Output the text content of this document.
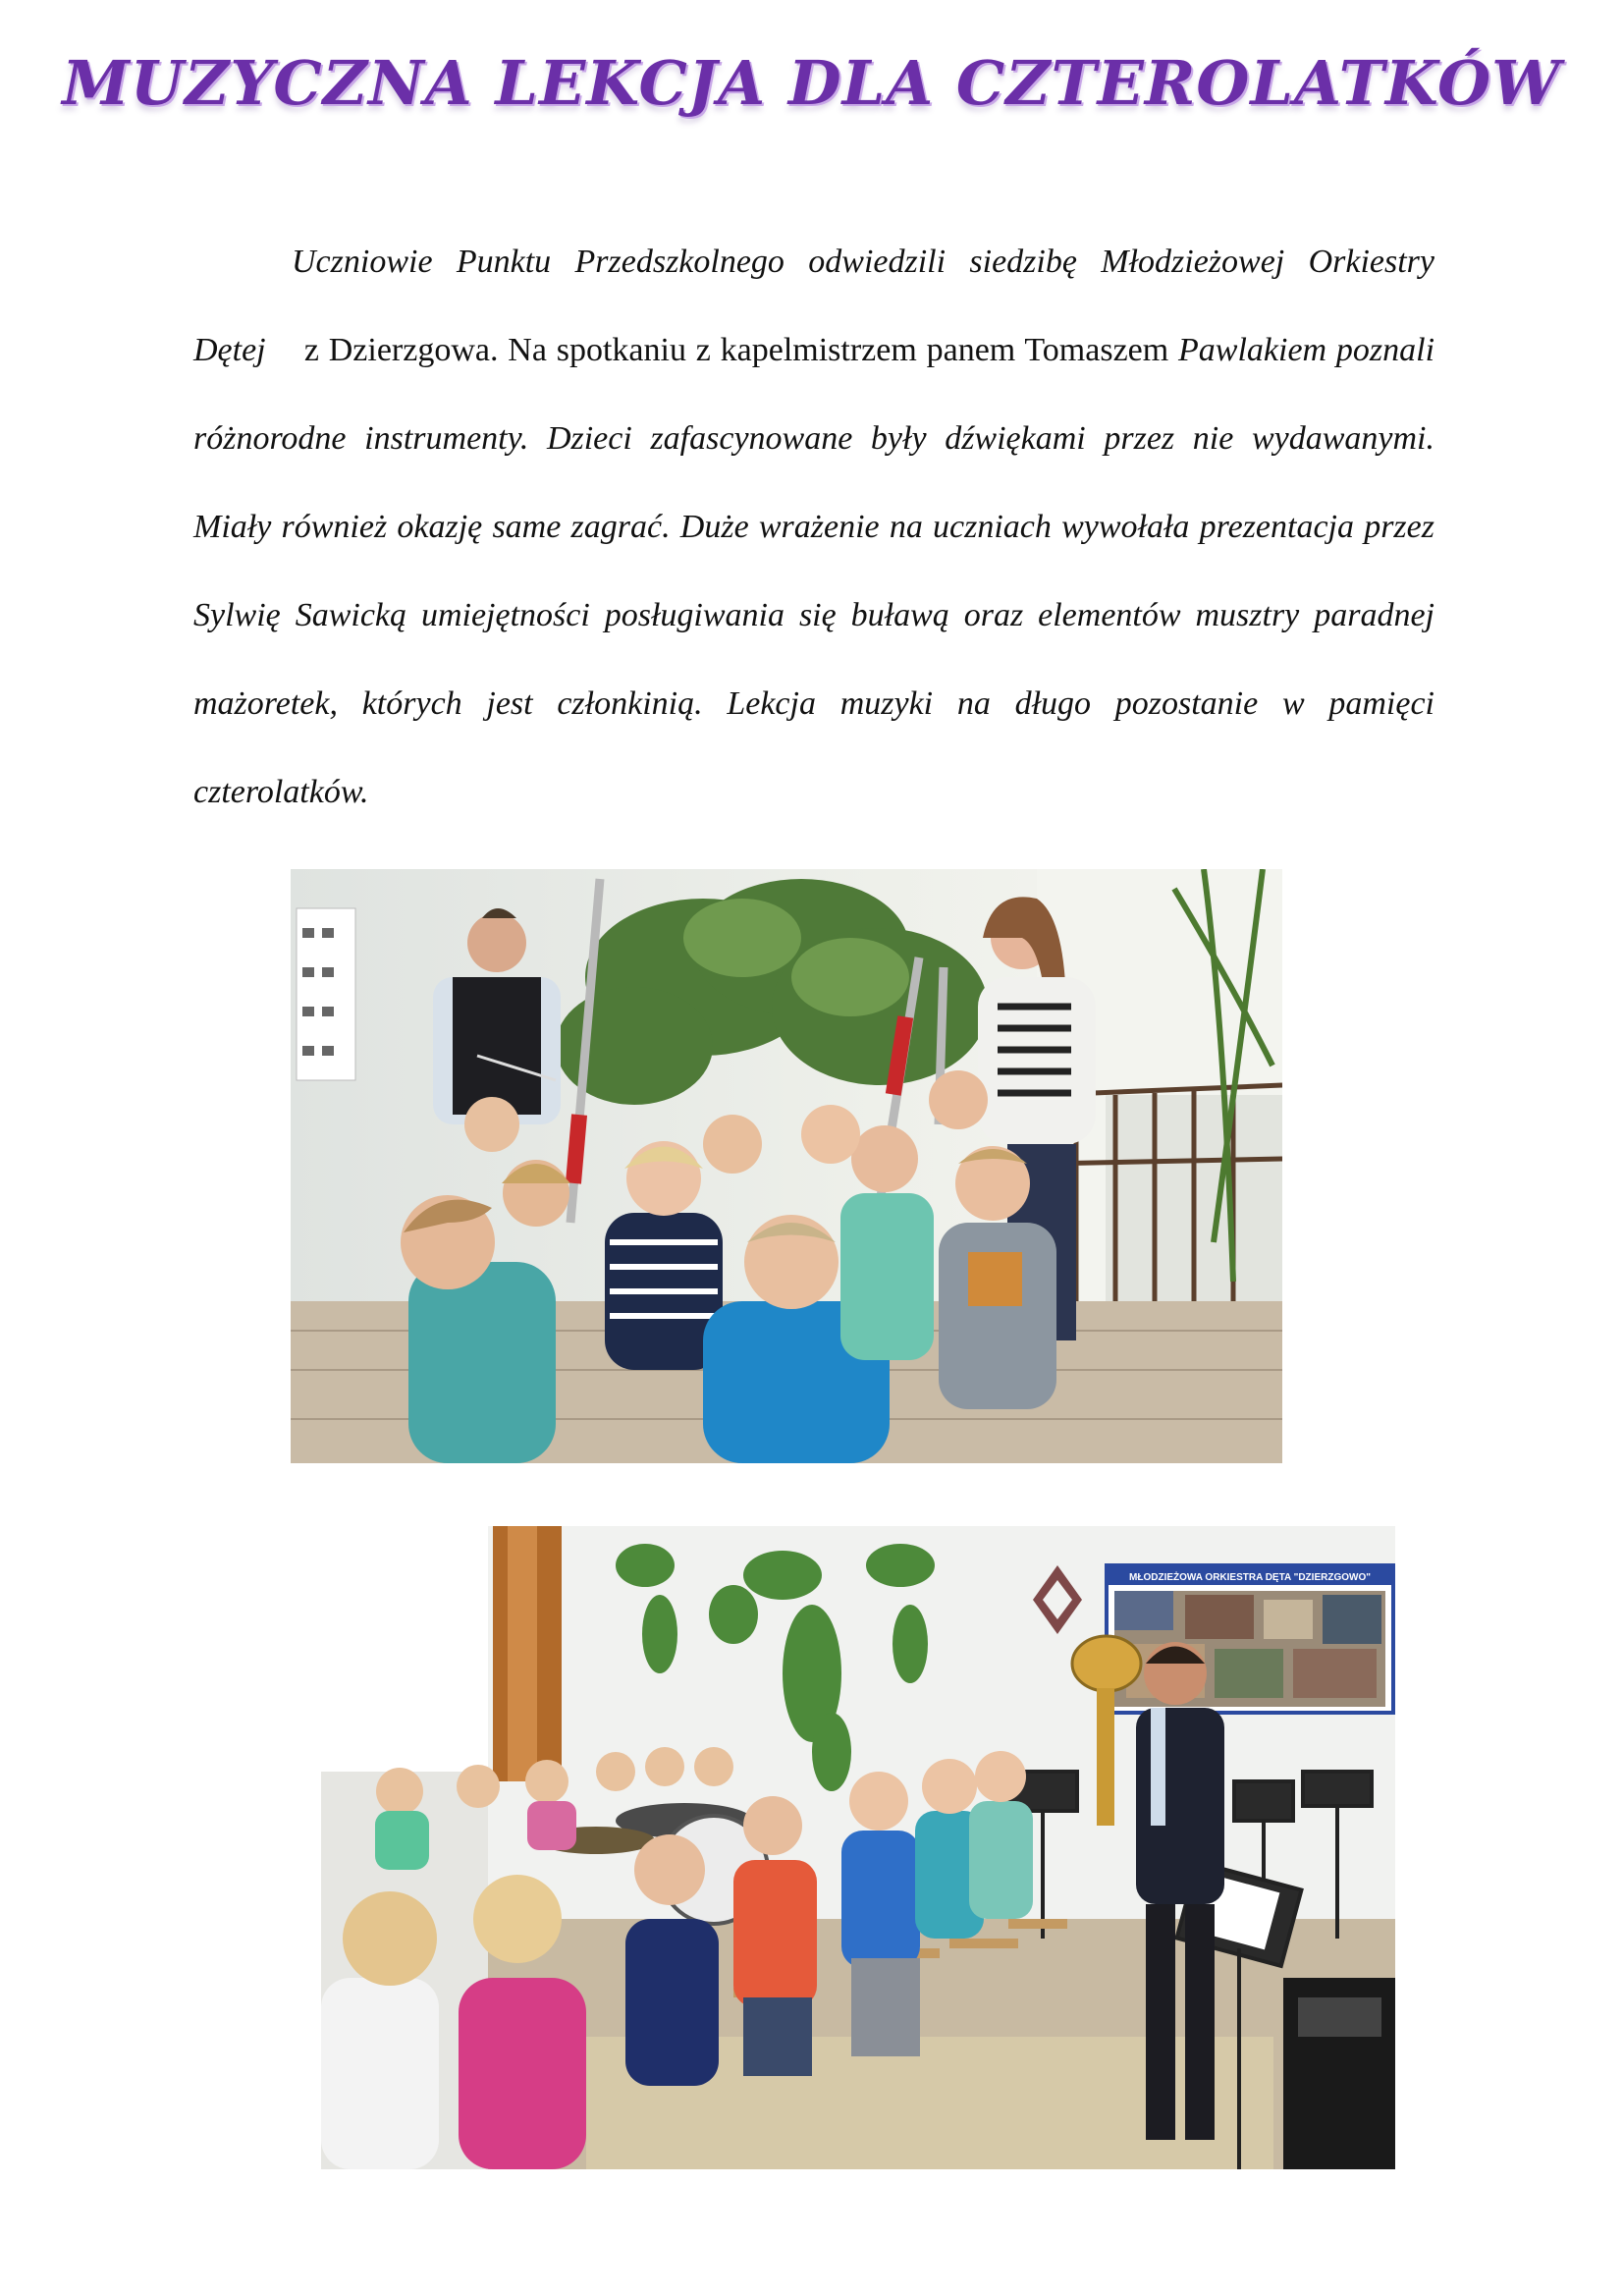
MUZYCZNA LEKCJA DLA CZTEROLATKÓW

Uczniowie Punktu Przedszkolnego odwiedzili siedzibę Młodzieżowej Orkiestry Dętej z Dzierzgowa. Na spotkaniu z kapelmistrzem panem Tomaszem Pawlakiem poznali różnorodne instrumenty. Dzieci zafascynowane były dźwiękami przez nie wydawanymi. Miały również okazję same zagrać. Duże wrażenie na uczniach wywołała prezentacja przez Sylwię Sawicką umiejętności posługiwania się buławą oraz elementów musztry paradnej mażoretek, których jest członkinią. Lekcja muzyki na długo pozostanie w pamięci czterolatków.

MŁODZIEŻOWA ORKIESTRA DĘTA "DZIERZGOWO"
